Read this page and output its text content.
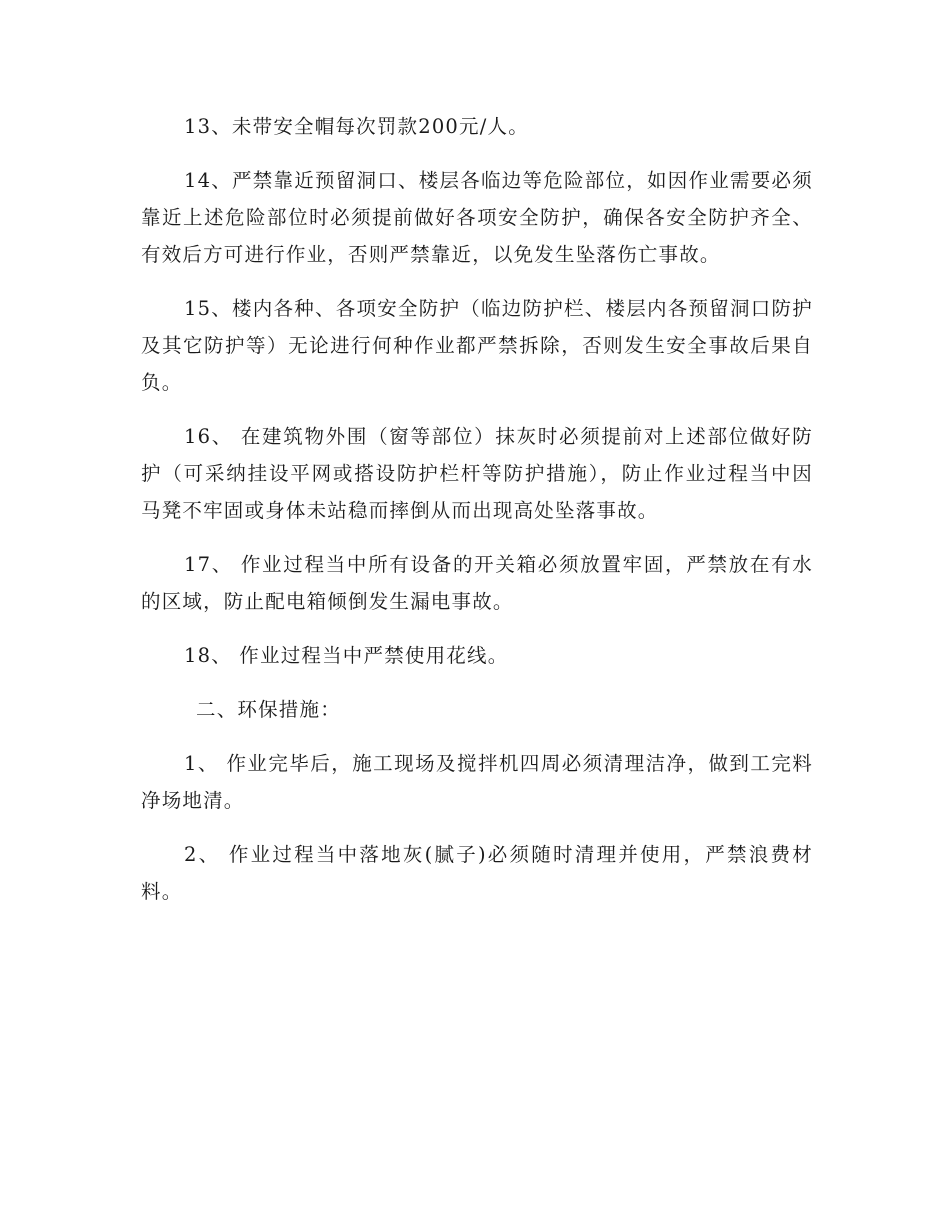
13、未带安全帽每次罚款200元/人。

14、严禁靠近预留洞口、楼层各临边等危险部位，如因作业需要必须靠近上述危险部位时必须提前做好各项安全防护，确保各安全防护齐全、有效后方可进行作业，否则严禁靠近，以免发生坠落伤亡事故。

15、楼内各种、各项安全防护（临边防护栏、楼层内各预留洞口防护及其它防护等）无论进行何种作业都严禁拆除，否则发生安全事故后果自负。

16、 在建筑物外围（窗等部位）抹灰时必须提前对上述部位做好防护（可采纳挂设平网或搭设防护栏杆等防护措施），防止作业过程当中因马凳不牢固或身体未站稳而摔倒从而出现高处坠落事故。

17、 作业过程当中所有设备的开关箱必须放置牢固，严禁放在有水的区域，防止配电箱倾倒发生漏电事故。

18、 作业过程当中严禁使用花线。

二、环保措施：

1、 作业完毕后，施工现场及搅拌机四周必须清理洁净，做到工完料净场地清。

2、 作业过程当中落地灰(腻子)必须随时清理并使用，严禁浪费材料。
